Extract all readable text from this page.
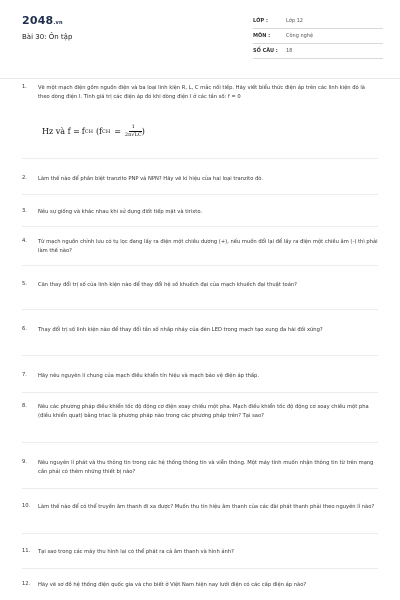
2048.vn
Bài 30: Ôn tập
LỚP :	Lớp 12
MÔN :	Công nghệ
SỐ CÂU :	18
1.	Vẽ một mạch điện gồm nguồn điện và ba loại linh kiện R, L, C mắc nối tiếp. Hãy viết biểu thức điện áp trên các linh kiện đó là theo dòng điện I. Tính giá trị các điện áp đó khi dòng điện I ở các tần số: f = 0
Hz và f = f CH ( f CH = $\frac{1}{2\pi√LC}$ )
2.	Làm thế nào để phân biệt tranzito PNP và NPN? Hãy vẽ kí hiệu của hai loại tranzito đó.
3.	Nêu sự giống và khác nhau khi sử dụng điốt tiếp mặt và tirixto.
4.	Từ mạch nguồn chỉnh lưu có tụ lọc đang lấy ra điện một chiều dương (+), nếu muốn đổi lại để lấy ra điện một chiều âm (-) thì phải làm thế nào?
5.	Căn thay đổi trị số của linh kiện nào để thay đổi hệ số khuếch đại của mạch khuếch đại thuật toán?
6.	Thay đổi trị số linh kiện nào để thay đổi tần số nhấp nháy của đèn LED trong mạch tạo xung đa hài đối xứng?
7.	Hãy nêu nguyên lí chung của mạch điều khiển tín hiệu và mạch bảo vệ điện áp thấp.
8.	Nêu các phương pháp điều khiển tốc độ động cơ điện xoay chiều một pha. Mạch điều khiển tốc độ động cơ xoay chiều một pha (điều khiển quạt) bằng triac là phương pháp nào trong các phương pháp trên? Tại sao?
9.	Nêu nguyên lí phát và thu thông tin trong các hệ thống thông tin và viễn thông. Một máy tính muốn nhận thông tin từ trên mạng cần phải có thêm những thiết bị nào?
10.	Làm thế nào để có thể truyền âm thanh đi xa được? Muốn thu tín hiệu âm thanh của các đài phát thanh phải theo nguyên lí nào?
11.	Tại sao trong các máy thu hình lại có thể phát ra cả âm thanh và hình ảnh?
12.	Hãy vẽ sơ đồ hệ thống điện quốc gia và cho biết ở Việt Nam hiện nay lưới điện có các cấp điện áp nào?
